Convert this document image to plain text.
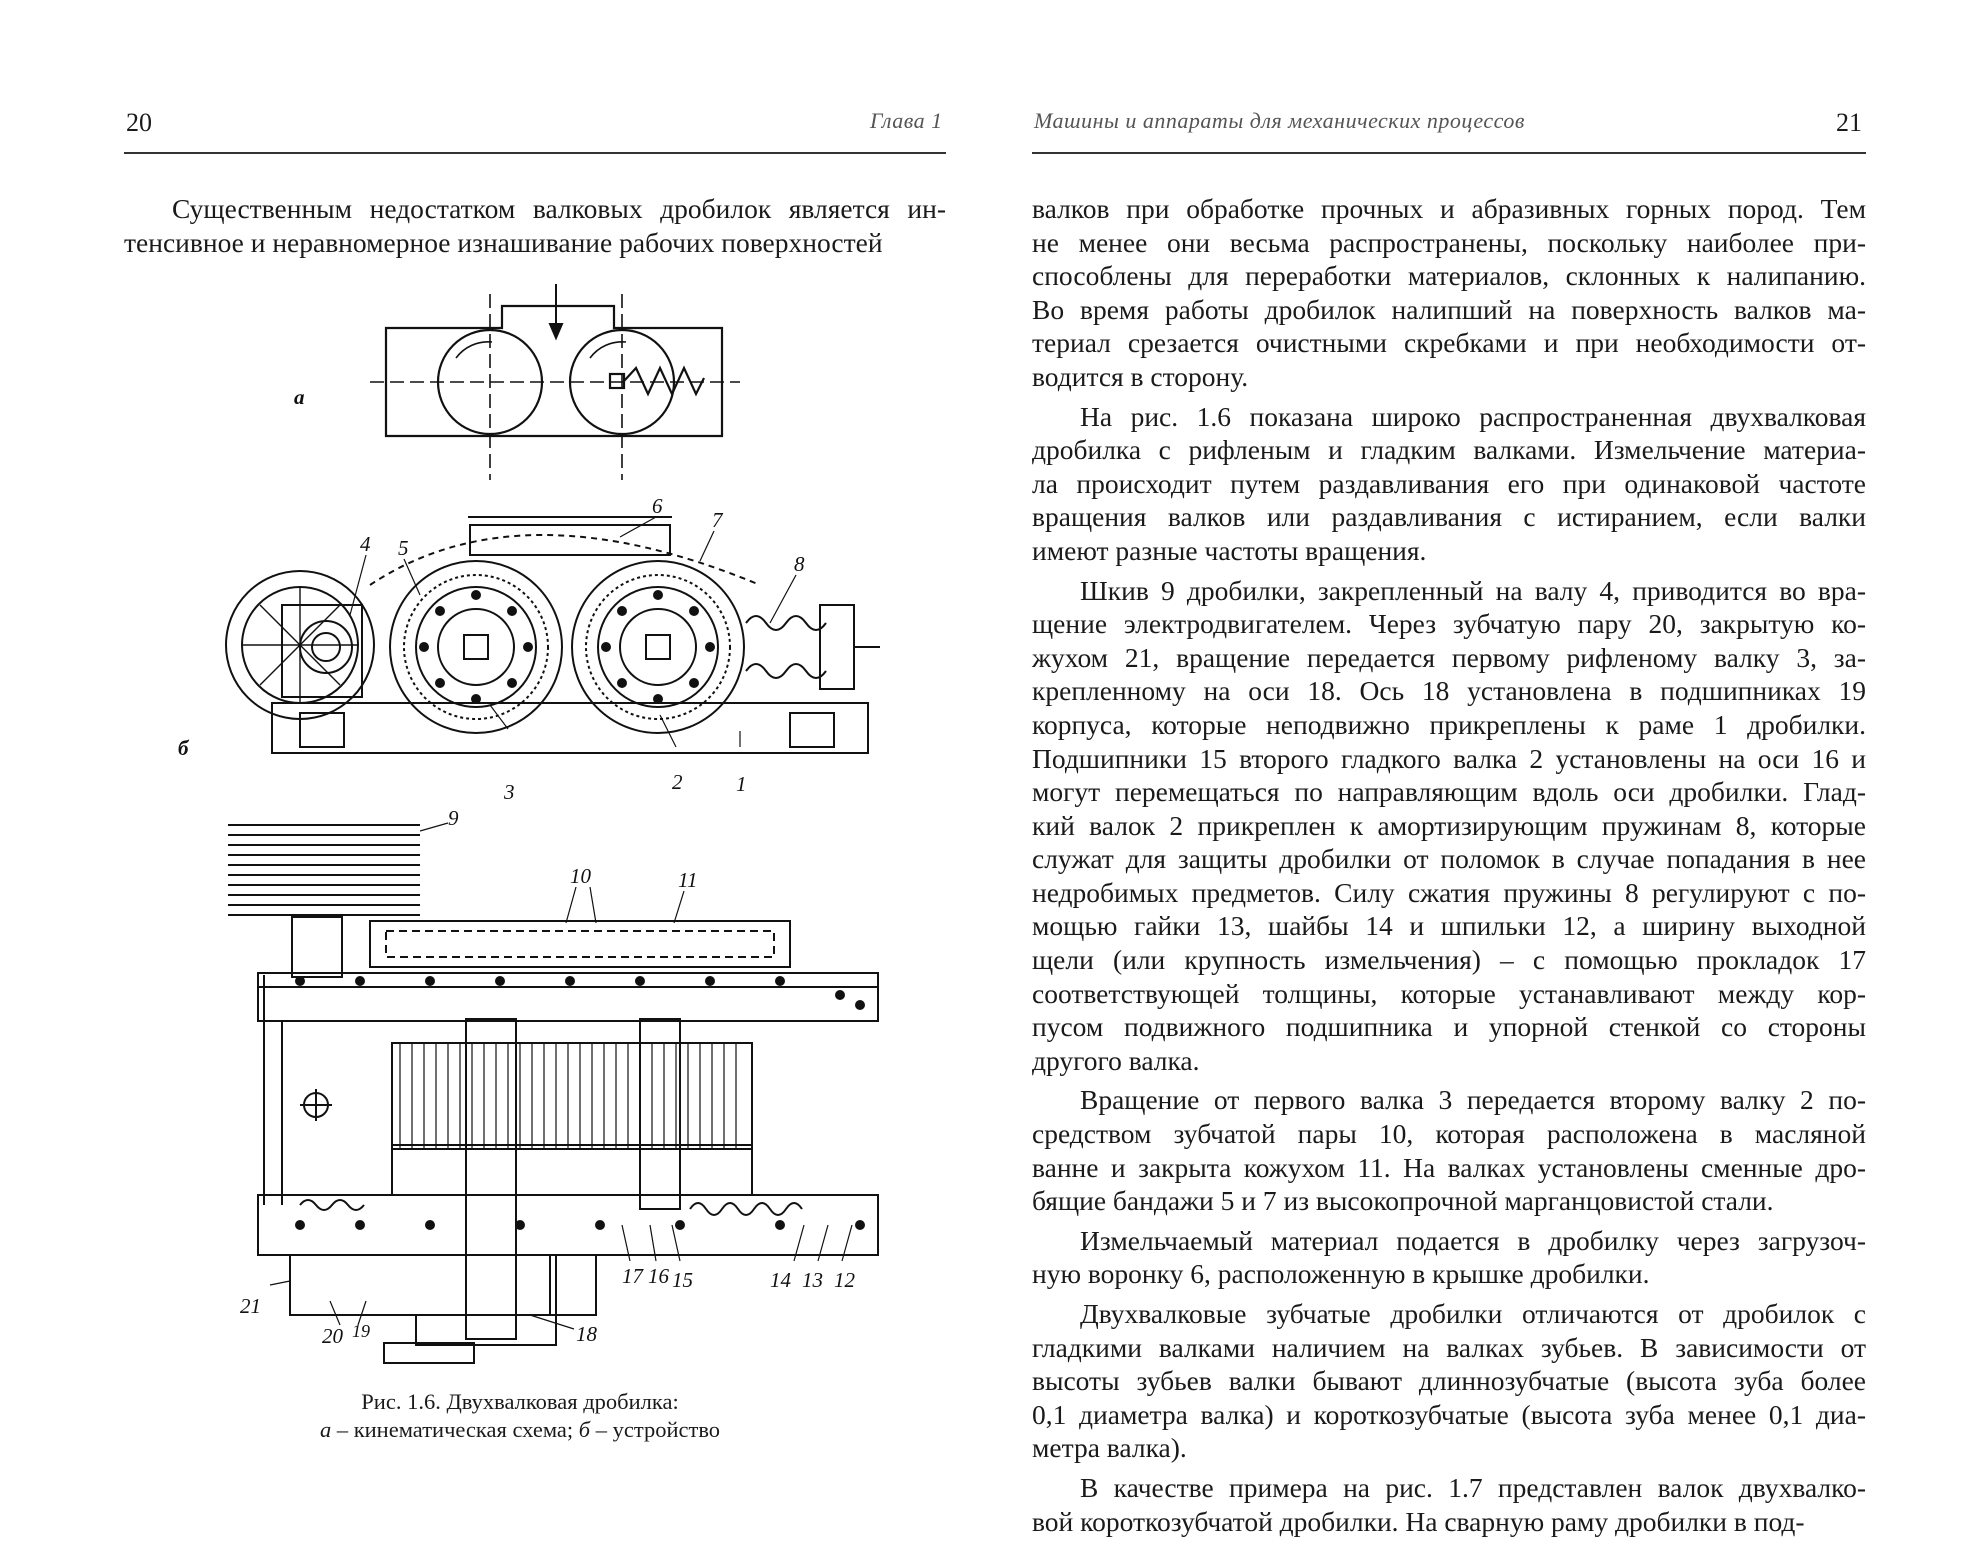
20	Глава 1
Существенным недостатком валковых дробилок является ин-
тенсивное и неравномерное изнашивание рабочих поверхностей
а
б
4 5
6
7
8
3	2	1
9
10	11
17 16 15	14 13 12
21
20 19	18
Рис. 1.6. Двухвалковая дробилка:
а – кинематическая схема; б – устройство
Машины и аппараты для механических процессов	21
валков при обработке прочных и абразивных горных пород. Тем
не менее они весьма распространены, поскольку наиболее при-
способлены для переработки материалов, склонных к налипанию.
Во время работы дробилок налипший на поверхность валков ма-
териал срезается очистными скребками и при необходимости от-
водится в сторону.
На рис. 1.6 показана широко распространенная двухвалковая
дробилка с рифленым и гладким валками. Измельчение материа-
ла происходит путем раздавливания его при одинаковой частоте
вращения валков или раздавливания с истиранием, если валки
имеют разные частоты вращения.
Шкив 9 дробилки, закрепленный на валу 4, приводится во вра-
щение электродвигателем. Через зубчатую пару 20, закрытую ко-
жухом 21, вращение передается первому рифленому валку 3, за-
крепленному на оси 18. Ось 18 установлена в подшипниках 19
корпуса, которые неподвижно прикреплены к раме 1 дробилки.
Подшипники 15 второго гладкого валка 2 установлены на оси 16 и
могут перемещаться по направляющим вдоль оси дробилки. Глад-
кий валок 2 прикреплен к амортизирующим пружинам 8, которые
служат для защиты дробилки от поломок в случае попадания в нее
недробимых предметов. Силу сжатия пружины 8 регулируют с по-
мощью гайки 13, шайбы 14 и шпильки 12, а ширину выходной
щели (или крупность измельчения) – с помощью прокладок 17
соответствующей толщины, которые устанавливают между кор-
пусом подвижного подшипника и упорной стенкой со стороны
другого валка.
Вращение от первого валка 3 передается второму валку 2 по-
средством зубчатой пары 10, которая расположена в масляной
ванне и закрыта кожухом 11. На валках установлены сменные дро-
бящие бандажи 5 и 7 из высокопрочной марганцовистой стали.
Измельчаемый материал подается в дробилку через загрузоч-
ную воронку 6, расположенную в крышке дробилки.
Двухвалковые зубчатые дробилки отличаются от дробилок с
гладкими валками наличием на валках зубьев. В зависимости от
высоты зубьев валки бывают длиннозубчатые (высота зуба более
0,1 диаметра валка) и короткозубчатые (высота зуба менее 0,1 диа-
метра валка).
В качестве примера на рис. 1.7 представлен валок двухвалко-
вой короткозубчатой дробилки. На сварную раму дробилки в под-
